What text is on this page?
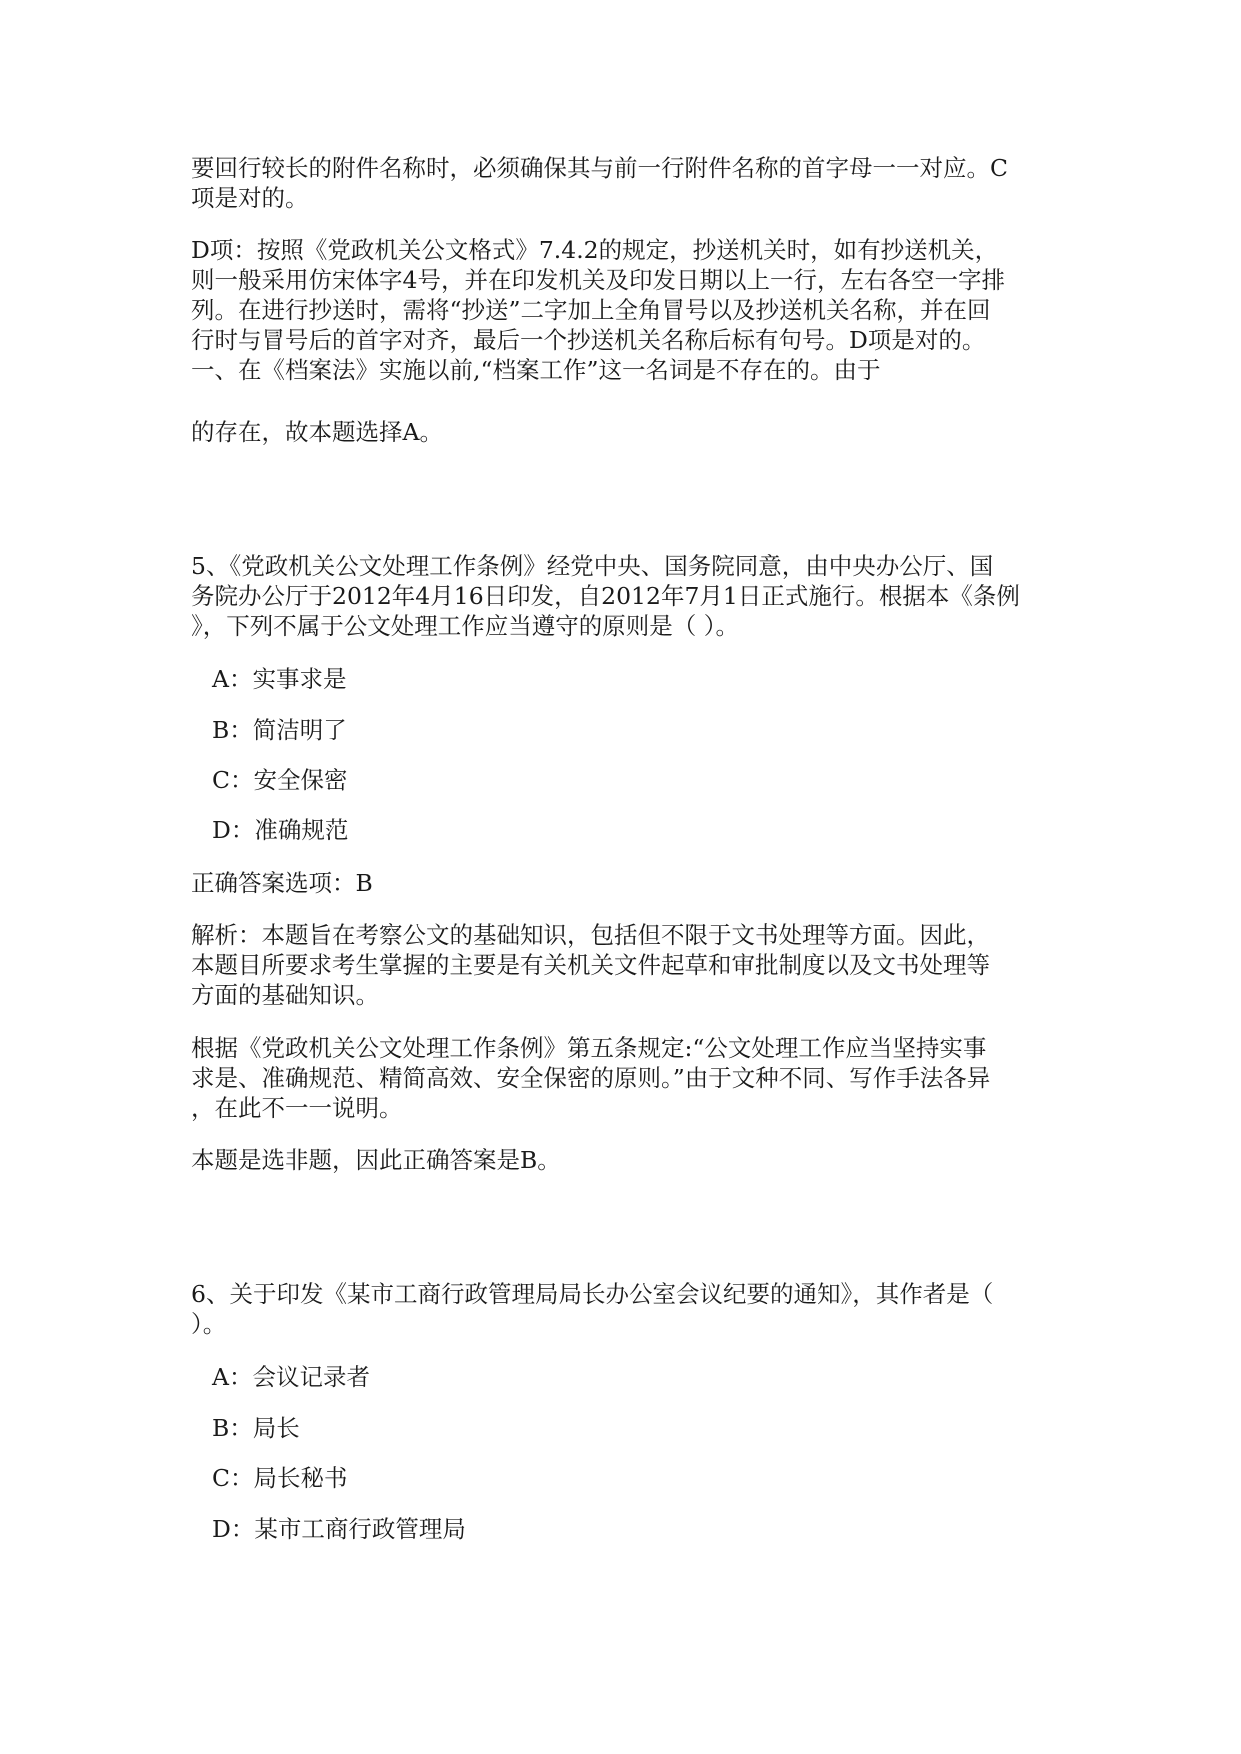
要回行较长的附件名称时，必须确保其与前一行附件名称的首字母一一对应。C
项是对的。
D项：按照《党政机关公文格式》7.4.2的规定，抄送机关时，如有抄送机关，
则一般采用仿宋体字4号，并在印发机关及印发日期以上一行，左右各空一字排
列。在进行抄送时，需将“抄送”二字加上全角冒号以及抄送机关名称，并在回
行时与冒号后的首字对齐，最后一个抄送机关名称后标有句号。D项是对的。
一、在《档案法》实施以前,“档案工作”这一名词是不存在的。由于
的存在，故本题选择A。
5、《党政机关公文处理工作条例》经党中央、国务院同意，由中央办公厅、国
务院办公厅于2012年4月16日印发，自2012年7月1日正式施行。根据本《条例
》，下列不属于公文处理工作应当遵守的原则是（ ）。
A：实事求是
B：简洁明了
C：安全保密
D：准确规范
正确答案选项：B
解析：本题旨在考察公文的基础知识，包括但不限于文书处理等方面。因此，
本题目所要求考生掌握的主要是有关机关文件起草和审批制度以及文书处理等
方面的基础知识。
根据《党政机关公文处理工作条例》第五条规定:“公文处理工作应当坚持实事
求是、准确规范、精简高效、安全保密的原则。”由于文种不同、写作手法各异
，在此不一一说明。
本题是选非题，因此正确答案是B。
6、关于印发《某市工商行政管理局局长办公室会议纪要的通知》，其作者是（
）。
A：会议记录者
B：局长
C：局长秘书
D：某市工商行政管理局
